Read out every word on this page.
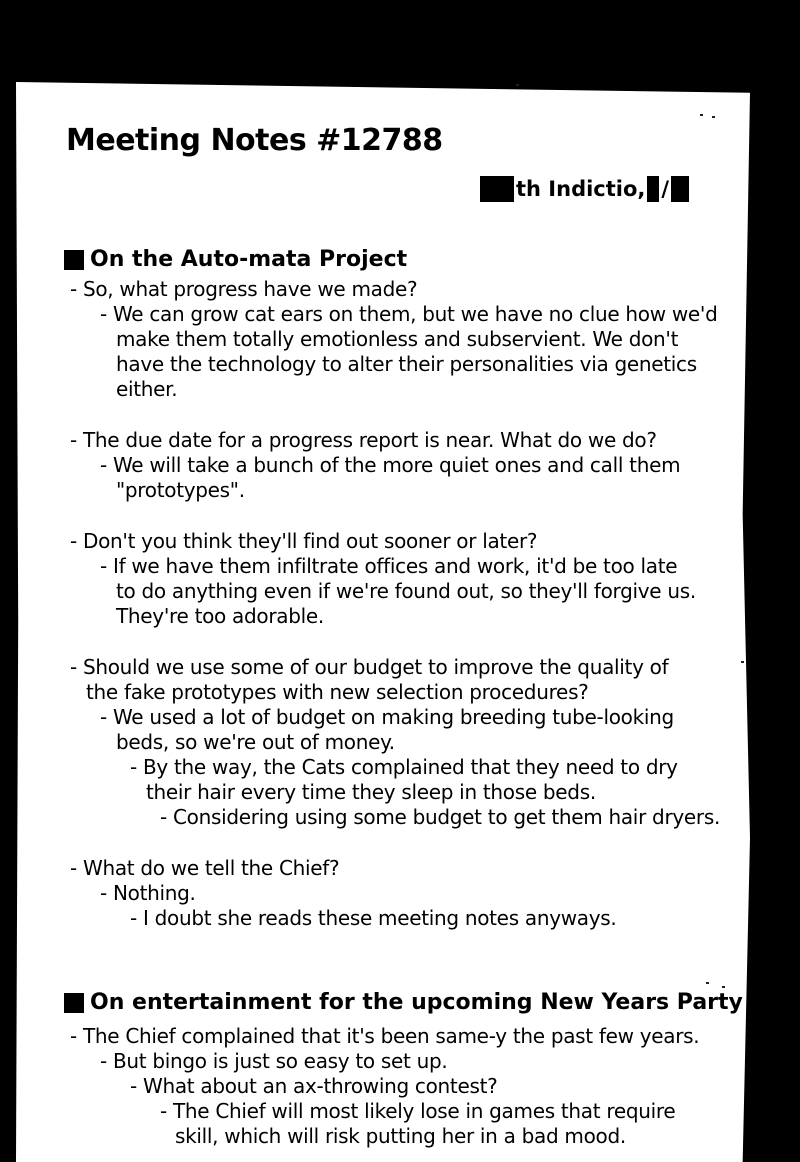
Meeting Notes #12788
th Indictio, /
On the Auto-mata Project
- So, what progress have we made?
- We can grow cat ears on them, but we have no clue how we'd
make them totally emotionless and subservient. We don't
have the technology to alter their personalities via genetics
either.
- The due date for a progress report is near. What do we do?
- We will take a bunch of the more quiet ones and call them
"prototypes".
- Don't you think they'll find out sooner or later?
- If we have them infiltrate offices and work, it'd be too late
to do anything even if we're found out, so they'll forgive us.
They're too adorable.
- Should we use some of our budget to improve the quality of
the fake prototypes with new selection procedures?
- We used a lot of budget on making breeding tube-looking
beds, so we're out of money.
- By the way, the Cats complained that they need to dry
their hair every time they sleep in those beds.
- Considering using some budget to get them hair dryers.
- What do we tell the Chief?
- Nothing.
- I doubt she reads these meeting notes anyways.
On entertainment for the upcoming New Years Party
- The Chief complained that it's been same-y the past few years.
- But bingo is just so easy to set up.
- What about an ax-throwing contest?
- The Chief will most likely lose in games that require
skill, which will risk putting her in a bad mood.
